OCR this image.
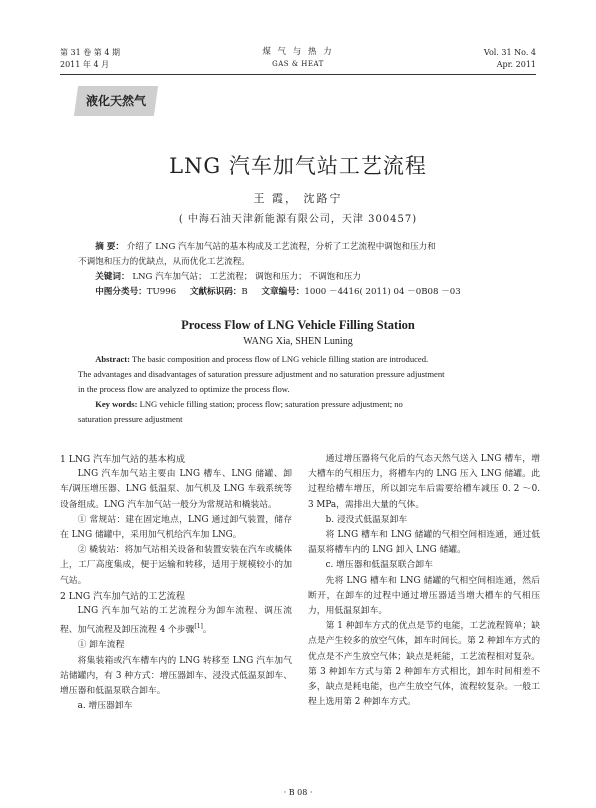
第 31 卷 第 4 期
2011 年 4 月
煤 气 与 热 力
GAS & HEAT
Vol. 31 No. 4
Apr. 2011
液化天然气
LNG 汽车加气站工艺流程
王 霞， 沈路宁
( 中海石油天津新能源有限公司，天津 300457)

摘 要： 介绍了 LNG 汽车加气站的基本构成及工艺流程，分析了工艺流程中调饱和压力和

不调饱和压力的优缺点，从而优化工艺流程。

关键词： LNG 汽车加气站； 工艺流程； 调饱和压力； 不调饱和压力

中图分类号：TU996 文献标识码：B 文章编号：1000 －4416( 2011) 04 －0B08 －03

Process Flow of LNG Vehicle Filling Station
WANG Xia, SHEN Luning

Abstract: The basic composition and process flow of LNG vehicle filling station are introduced.

The advantages and disadvantages of saturation pressure adjustment and no saturation pressure adjustment

in the process flow are analyzed to optimize the process flow.

Key words: LNG vehicle filling station; process flow; saturation pressure adjustment; no

saturation pressure adjustment

1 LNG 汽车加气站的基本构成

LNG 汽车加气站主要由 LNG 槽车、LNG 储罐、卸车/调压增压器、LNG 低温泵、加气机及 LNG 车载系统等设备组成。LNG 汽车加气站一般分为常规站和橇装站。

① 常规站：建在固定地点，LNG 通过卸气装置，储存在 LNG 储罐中，采用加气机给汽车加 LNG。

② 橇装站：将加气站相关设备和装置安装在汽车或橇体上，工厂高度集成，便于运输和转移，适用于规模较小的加气站。

2 LNG 汽车加气站的工艺流程

LNG 汽车加气站的工艺流程分为卸车流程、调压流程、加气流程及卸压流程 4 个步骤[1]。

① 卸车流程

将集装箱或汽车槽车内的 LNG 转移至 LNG 汽车加气站储罐内，有 3 种方式：增压器卸车、浸没式低温泵卸车、增压器和低温泵联合卸车。

a. 增压器卸车

通过增压器将气化后的气态天然气送入 LNG 槽车，增大槽车的气相压力，将槽车内的 LNG 压入 LNG 储罐。此过程给槽车增压，所以卸完车后需要给槽车减压 0. 2 ～0. 3 MPa，需排出大量的气体。

b. 浸没式低温泵卸车

将 LNG 槽车和 LNG 储罐的气相空间相连通，通过低温泵将槽车内的 LNG 卸入 LNG 储罐。

c. 增压器和低温泵联合卸车

先将 LNG 槽车和 LNG 储罐的气相空间相连通，然后断开，在卸车的过程中通过增压器适当增大槽车的气相压力，用低温泵卸车。

第 1 种卸车方式的优点是节约电能，工艺流程简单；缺点是产生较多的放空气体，卸车时间长。第 2 种卸车方式的优点是不产生放空气体；缺点是耗能，工艺流程相对复杂。第 3 种卸车方式与第 2 种卸车方式相比，卸车时间相差不多，缺点是耗电能，也产生放空气体，流程较复杂。一般工程上选用第 2 种卸车方式。

· B 08 ·
